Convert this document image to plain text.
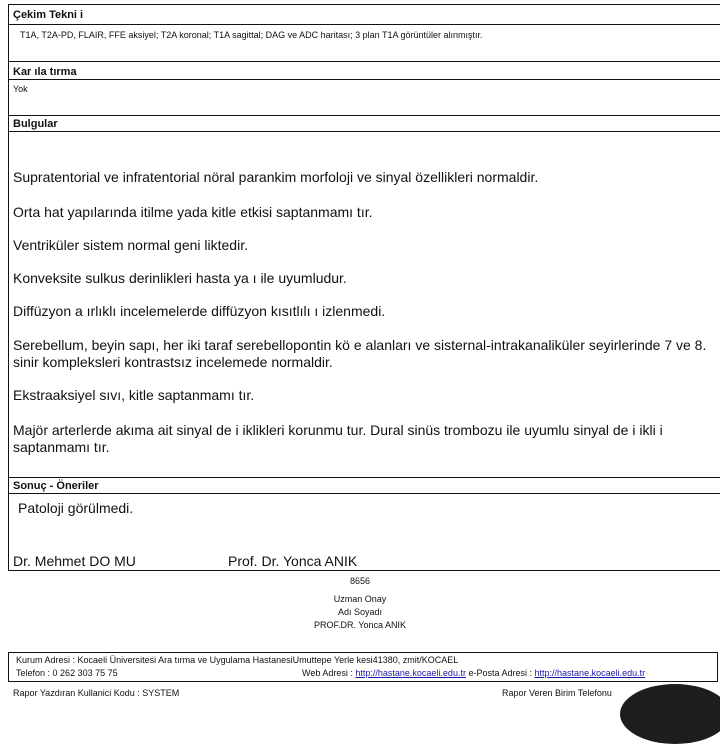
Çekim Tekni i
T1A, T2A-PD, FLAIR, FFE aksiyel; T2A koronal; T1A sagittal; DAG ve ADC haritası; 3 plan T1A görüntüler alınmıştır.
Kar ıla tırma
Yok
Bulgular
Supratentorial ve infratentorial nöral parankim morfoloji ve sinyal özellikleri normaldir.
Orta hat yapılarında itilme yada kitle etkisi saptanmamı tır.
Ventriküler sistem normal geni liktedir.
Konveksite sulkus derinlikleri hasta ya ı ile uyumludur.
Diffüzyon a ırlıklı incelemelerde diffüzyon kısıtlılı ı izlenmedi.
Serebellum, beyin sapı, her iki taraf serebellopontin kö e alanları ve sisternal-intrakanaliküler seyirlerinde 7 ve 8. sinir kompleksleri kontrastsız incelemede normaldir.
Ekstraaksiyel sıvı, kitle saptanmamı tır.
Majör arterlerde akıma ait sinyal de i iklikleri korunmu tur. Dural sinüs trombozu ile uyumlu sinyal de i ikli i saptanmamı tır.
Sonuç - Öneriler
Patoloji görülmedi.
Dr. Mehmet DO MU	Prof. Dr. Yonca ANIK
8656
Uzman Onay
Adı Soyadı
PROF.DR. Yonca ANIK
Kurum Adresi : Kocaeli Üniversitesi Ara tırma ve Uygulama HastanesiUmuttepe Yerle kesi41380, zmit/KOCAEL
Telefon : 0 262 303 75 75	Web Adresi : http://hastane.kocaeli.edu.tr e-Posta Adresi : http://hastane.kocaeli.edu.tr
Rapor Yazdıran Kullanici Kodu : SYSTEM	Rapor Veren Birim Telefonu
